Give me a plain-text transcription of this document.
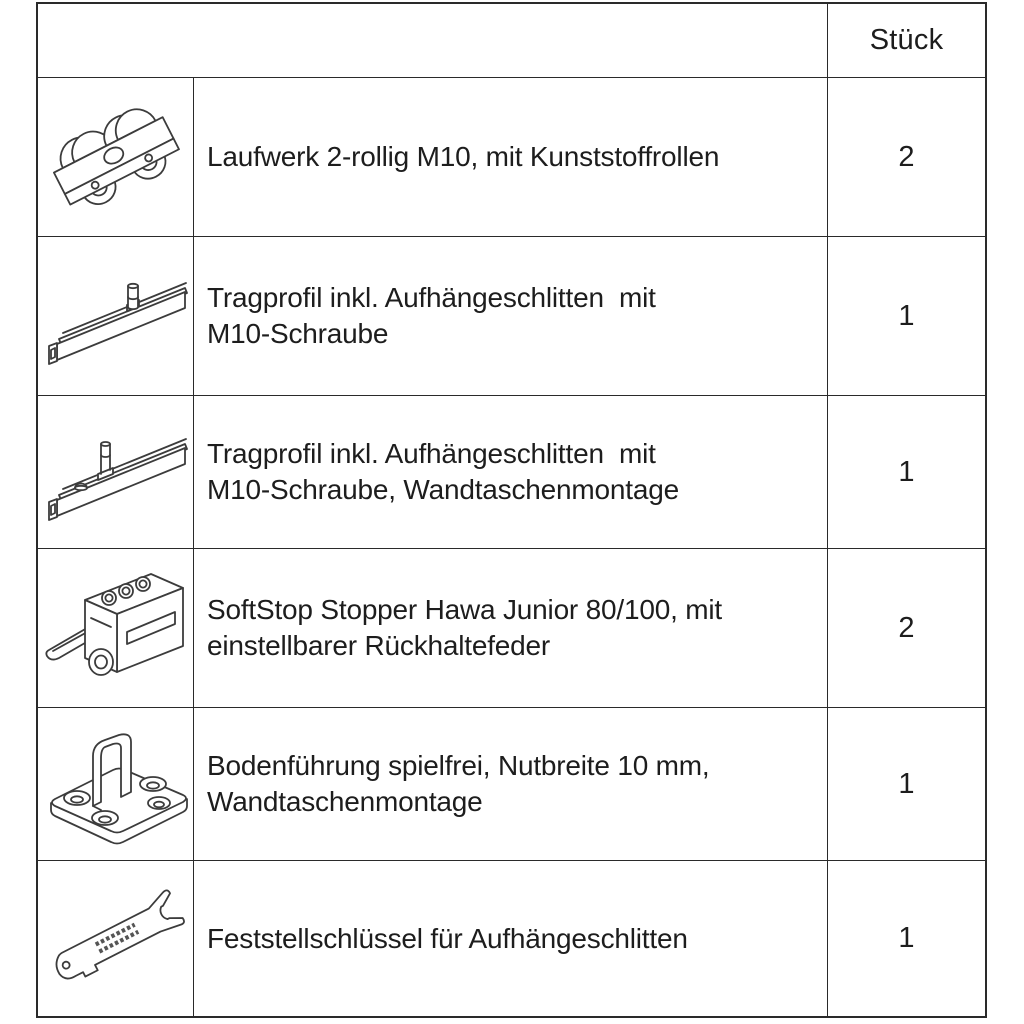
Stück
Laufwerk 2-rollig M10, mit Kunststoffrollen	2
Tragprofil inkl. Aufhängeschlitten  mit
M10-Schraube
1
Tragprofil inkl. Aufhängeschlitten  mit
M10-Schraube, Wandtaschenmontage
1
SoftStop Stopper Hawa Junior 80/100, mit
einstellbarer Rückhaltefeder
2
Bodenführung spielfrei, Nutbreite 10 mm,
Wandtaschenmontage
1
Feststellschlüssel für Aufhängeschlitten	1
